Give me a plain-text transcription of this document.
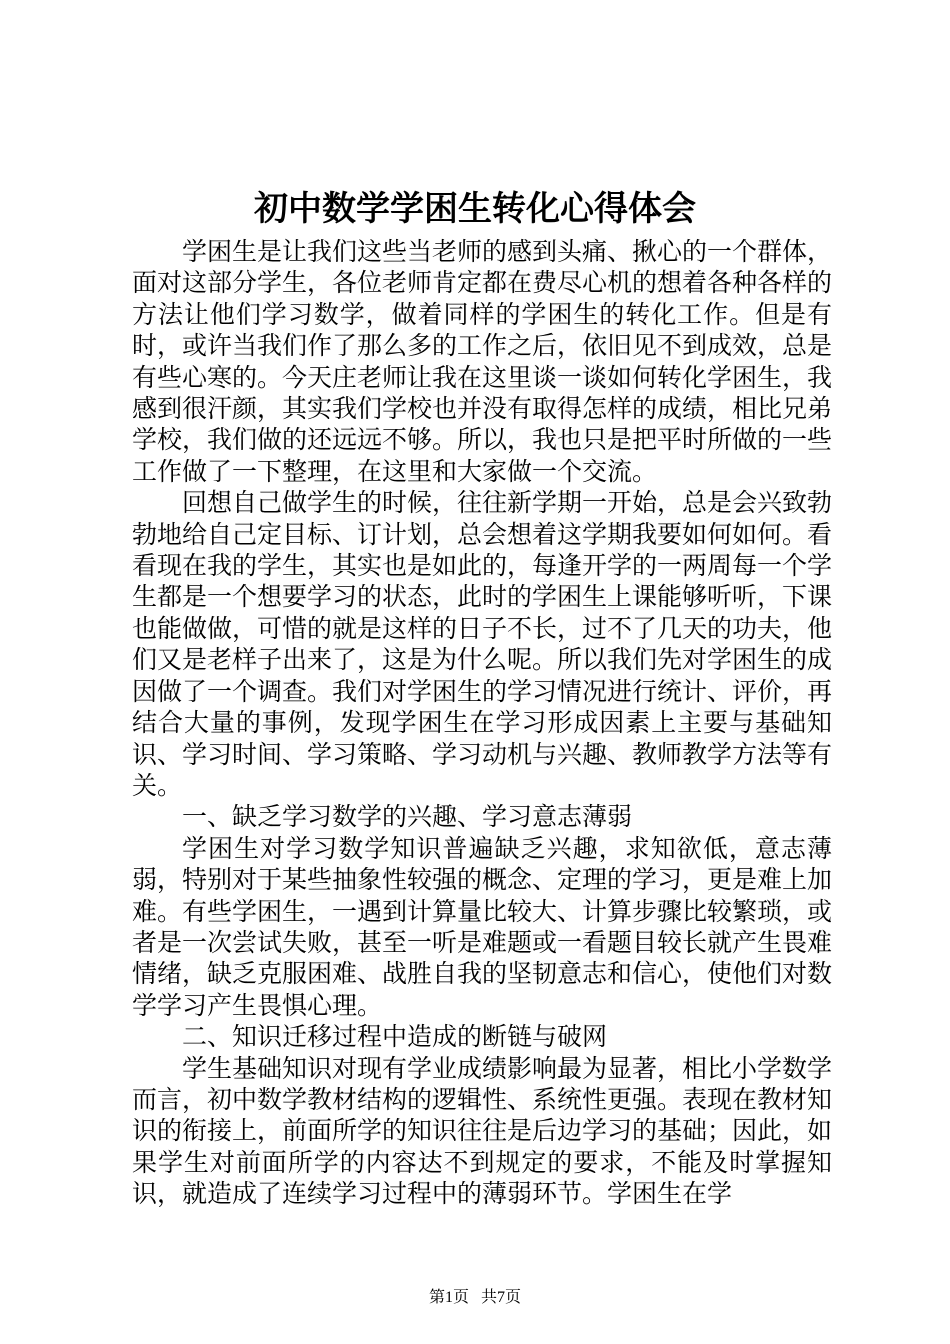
初中数学学困生转化心得体会

学困生是让我们这些当老师的感到头痛、揪心的一个群体，面对这部分学生，各位老师肯定都在费尽心机的想着各种各样的方法让他们学习数学，做着同样的学困生的转化工作。但是有时，或许当我们作了那么多的工作之后，依旧见不到成效，总是有些心寒的。今天庄老师让我在这里谈一谈如何转化学困生，我感到很汗颜，其实我们学校也并没有取得怎样的成绩，相比兄弟学校，我们做的还远远不够。所以，我也只是把平时所做的一些工作做了一下整理，在这里和大家做一个交流。

回想自己做学生的时候，往往新学期一开始，总是会兴致勃勃地给自己定目标、订计划，总会想着这学期我要如何如何。看看现在我的学生，其实也是如此的，每逢开学的一两周每一个学生都是一个想要学习的状态，此时的学困生上课能够听听，下课也能做做，可惜的就是这样的日子不长，过不了几天的功夫，他们又是老样子出来了，这是为什么呢。所以我们先对学困生的成因做了一个调查。我们对学困生的学习情况进行统计、评价，再结合大量的事例，发现学困生在学习形成因素上主要与基础知识、学习时间、学习策略、学习动机与兴趣、教师教学方法等有关。

一、缺乏学习数学的兴趣、学习意志薄弱

学困生对学习数学知识普遍缺乏兴趣，求知欲低，意志薄弱，特别对于某些抽象性较强的概念、定理的学习，更是难上加难。有些学困生，一遇到计算量比较大、计算步骤比较繁琐，或者是一次尝试失败，甚至一听是难题或一看题目较长就产生畏难情绪，缺乏克服困难、战胜自我的坚韧意志和信心，使他们对数学学习产生畏惧心理。

二、知识迁移过程中造成的断链与破网

学生基础知识对现有学业成绩影响最为显著，相比小学数学而言，初中数学教材结构的逻辑性、系统性更强。表现在教材知识的衔接上，前面所学的知识往往是后边学习的基础；因此，如果学生对前面所学的内容达不到规定的要求，不能及时掌握知识，就造成了连续学习过程中的薄弱环节。学困生在学

第1页 共7页
